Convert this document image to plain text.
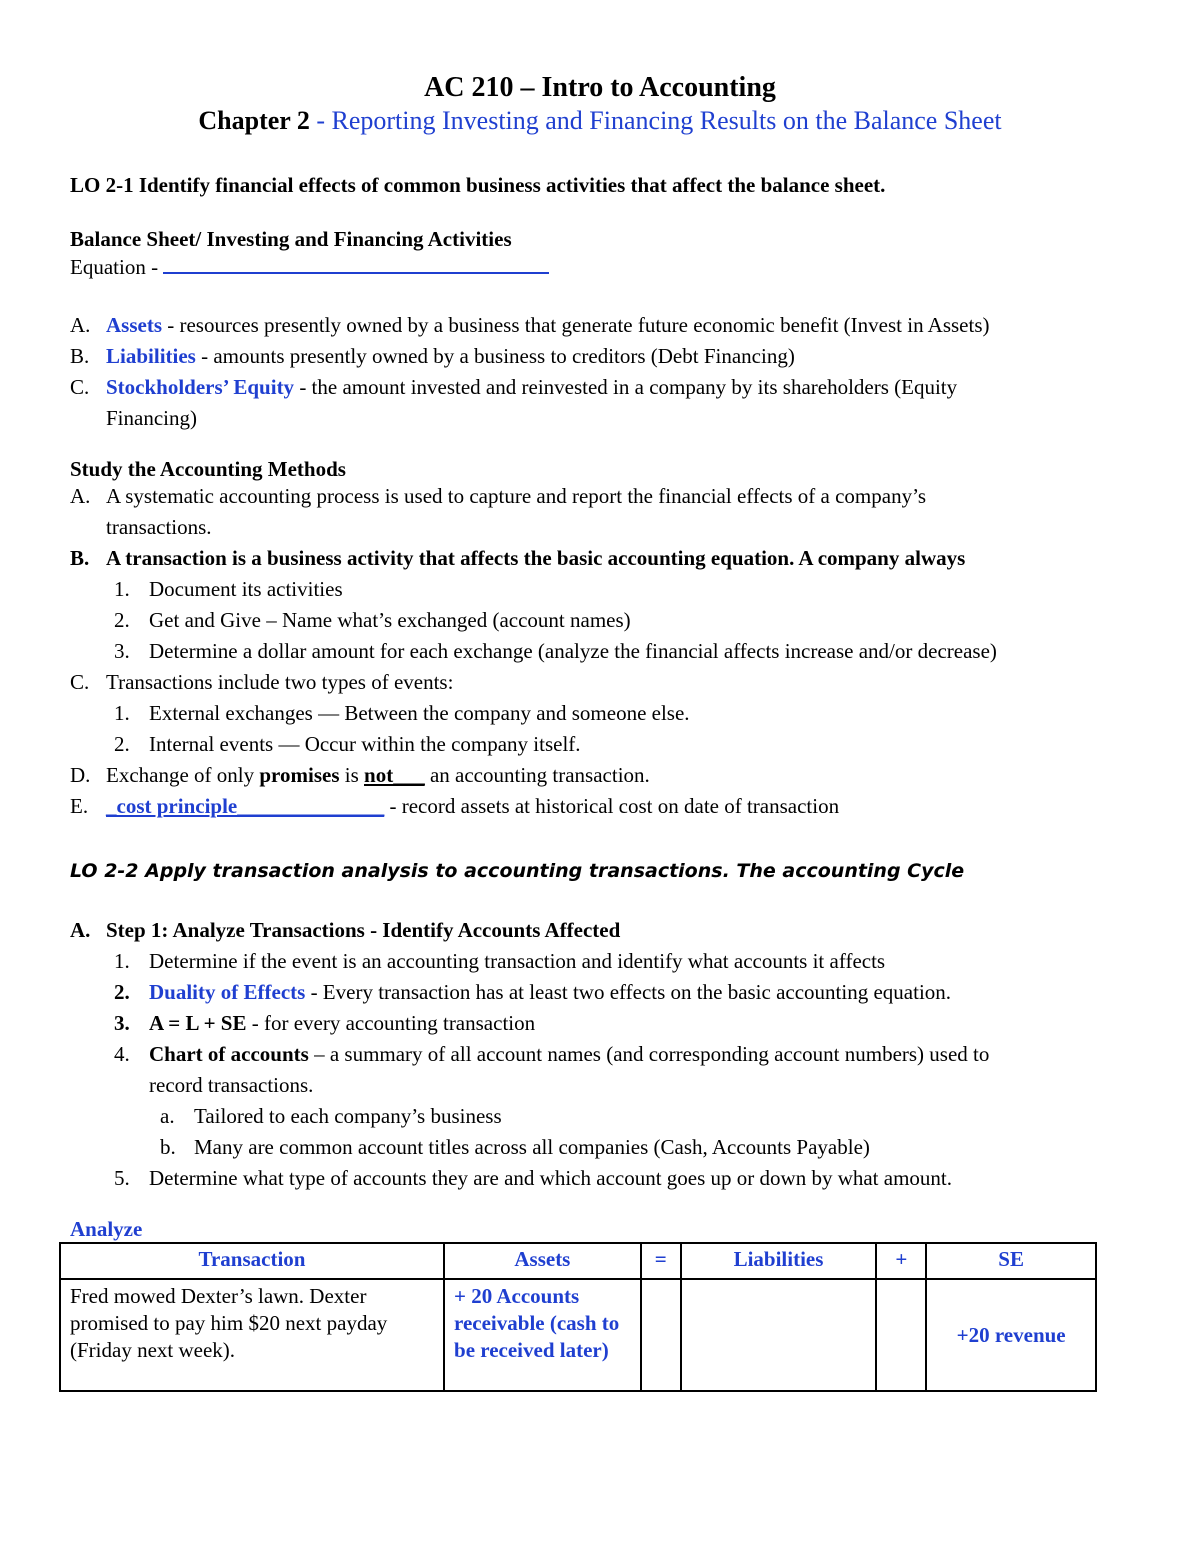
AC 210 – Intro to Accounting
Chapter 2 - Reporting Investing and Financing Results on the Balance Sheet
LO 2-1 Identify financial effects of common business activities that affect the balance sheet.
Balance Sheet/ Investing and Financing Activities
Equation -
A. Assets - resources presently owned by a business that generate future economic benefit (Invest in Assets)
B. Liabilities - amounts presently owned by a business to creditors (Debt Financing)
C. Stockholders’ Equity - the amount invested and reinvested in a company by its shareholders (Equity
Financing)
Study the Accounting Methods
A. A systematic accounting process is used to capture and report the financial effects of a company’s
transactions.
B. A transaction is a business activity that affects the basic accounting equation. A company always
1. Document its activities
2. Get and Give – Name what’s exchanged (account names)
3. Determine a dollar amount for each exchange (analyze the financial affects increase and/or decrease)
C. Transactions include two types of events:
1. External exchanges — Between the company and someone else.
2. Internal events — Occur within the company itself.
D. Exchange of only promises is not___ an accounting transaction.
E. _cost principle______________ - record assets at historical cost on date of transaction
LO 2-2 Apply transaction analysis to accounting transactions. The accounting Cycle
A. Step 1: Analyze Transactions - Identify Accounts Affected
1. Determine if the event is an accounting transaction and identify what accounts it affects
2. Duality of Effects - Every transaction has at least two effects on the basic accounting equation.
3. A = L + SE - for every accounting transaction
4. Chart of accounts – a summary of all account names (and corresponding account numbers) used to
record transactions.
a. Tailored to each company’s business
b. Many are common account titles across all companies (Cash, Accounts Payable)
5. Determine what type of accounts they are and which account goes up or down by what amount.
Analyze
Transaction	Assets	=	Liabilities	+	SE
Fred mowed Dexter’s lawn. Dexter promised to pay him $20 next payday (Friday next week).	+ 20 Accounts receivable (cash to be received later)				+20 revenue
